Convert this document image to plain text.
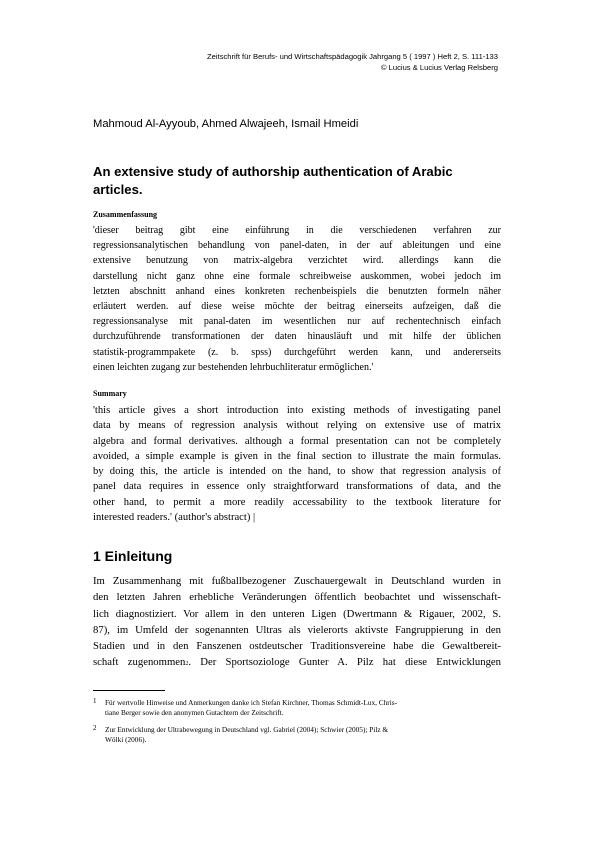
Zeitschrift für Berufs- und Wirtschaftspädagogik Jahrgang 5 ( 1997 ) Heft 2, S. 111-133
© Lucius & Lucius Verlag Relsberg
Mahmoud Al-Ayyoub, Ahmed Alwajeeh, Ismail Hmeidi
An extensive study of authorship authentication of Arabic
articles.

Zusammenfassung

'dieser beitrag gibt eine einführung in die verschiedenen verfahren zur
regressionsanalytischen behandlung von panel-daten, in der auf ableitungen und eine
extensive benutzung von matrix-algebra verzichtet wird. allerdings kann die
darstellung nicht ganz ohne eine formale schreibweise auskommen, wobei jedoch im
letzten abschnitt anhand eines konkreten rechenbeispiels die benutzten formeln näher
erläutert werden. auf diese weise möchte der beitrag einerseits aufzeigen, daß die
regressionsanalyse mit panal-daten im wesentlichen nur auf rechentechnisch einfach
durchzuführende transformationen der daten hinausläuft und mit hilfe der üblichen
statistik-programmpakete (z. b. spss) durchgeführt werden kann, und andererseits
einen leichten zugang zur bestehenden lehrbuchliteratur ermöglichen.'

Summary

'this article gives a short introduction into existing methods of investigating panel
data by means of regression analysis without relying on extensive use of matrix
algebra and formal derivatives. although a formal presentation can not be completely
avoided, a simple example is given in the final section to illustrate the main formulas.
by doing this, the article is intended on the hand, to show that regression analysis of
panel data requires in essence only straightforward transformations of data, and the
other hand, to permit a more readily accessability to the textbook literature for
interested readers.' (author's abstract) |

1 Einleitung

Im Zusammenhang mit fußballbezogener Zuschauergewalt in Deutschland wurden in
den letzten Jahren erhebliche Veränderungen öffentlich beobachtet und wissenschaft-
lich diagnostiziert. Vor allem in den unteren Ligen (Dwertmann & Rigauer, 2002, S.
87), im Umfeld der sogenannten Ultras als vielerorts aktivste Fangruppierung in den
Stadien und in den Fanszenen ostdeutscher Traditionsvereine habe die Gewaltbereit-
schaft zugenommen2. Der Sportsoziologe Gunter A. Pilz hat diese Entwicklungen

1 Für wertvolle Hinweise und Anmerkungen danke ich Stefan Kirchner, Thomas Schmidt-Lux, Chris-
tiane Berger sowie den anonymen Gutachtern der Zeitschrift.
2 Zur Entwicklung der Ultrabewegung in Deutschland vgl. Gabriel (2004); Schwier (2005); Pilz &
Wölki (2006).
